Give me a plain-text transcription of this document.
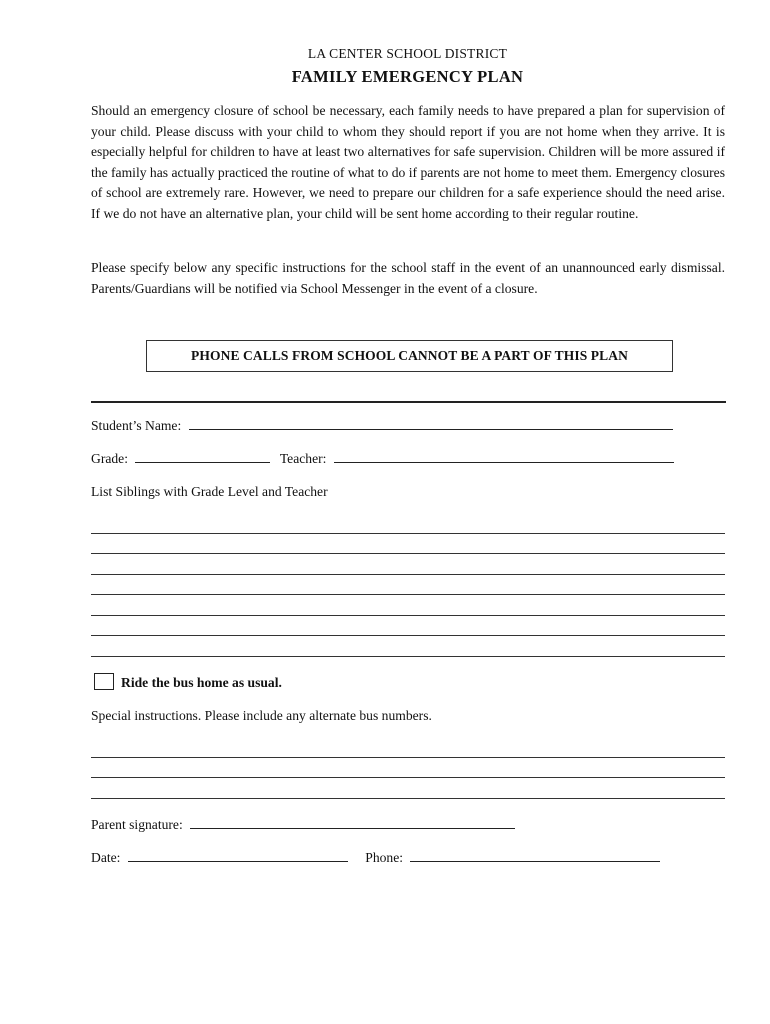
LA CENTER SCHOOL DISTRICT
FAMILY EMERGENCY PLAN

Should an emergency closure of school be necessary, each family needs to have prepared a plan for supervision of your child. Please discuss with your child to whom they should report if you are not home when they arrive. It is especially helpful for children to have at least two alternatives for safe supervision. Children will be more assured if the family has actually practiced the routine of what to do if parents are not home to meet them. Emergency closures of school are extremely rare. However, we need to prepare our children for a safe experience should the need arise. If we do not have an alternative plan, your child will be sent home according to their regular routine.

Please specify below any specific instructions for the school staff in the event of an unannounced early dismissal. Parents/Guardians will be notified via School Messenger in the event of a closure.

PHONE CALLS FROM SCHOOL CANNOT BE A PART OF THIS PLAN
Student’s Name:
Grade:	Teacher:
List Siblings with Grade Level and Teacher
Ride the bus home as usual.
Special instructions. Please include any alternate bus numbers.
Parent signature:
Date:	Phone:
